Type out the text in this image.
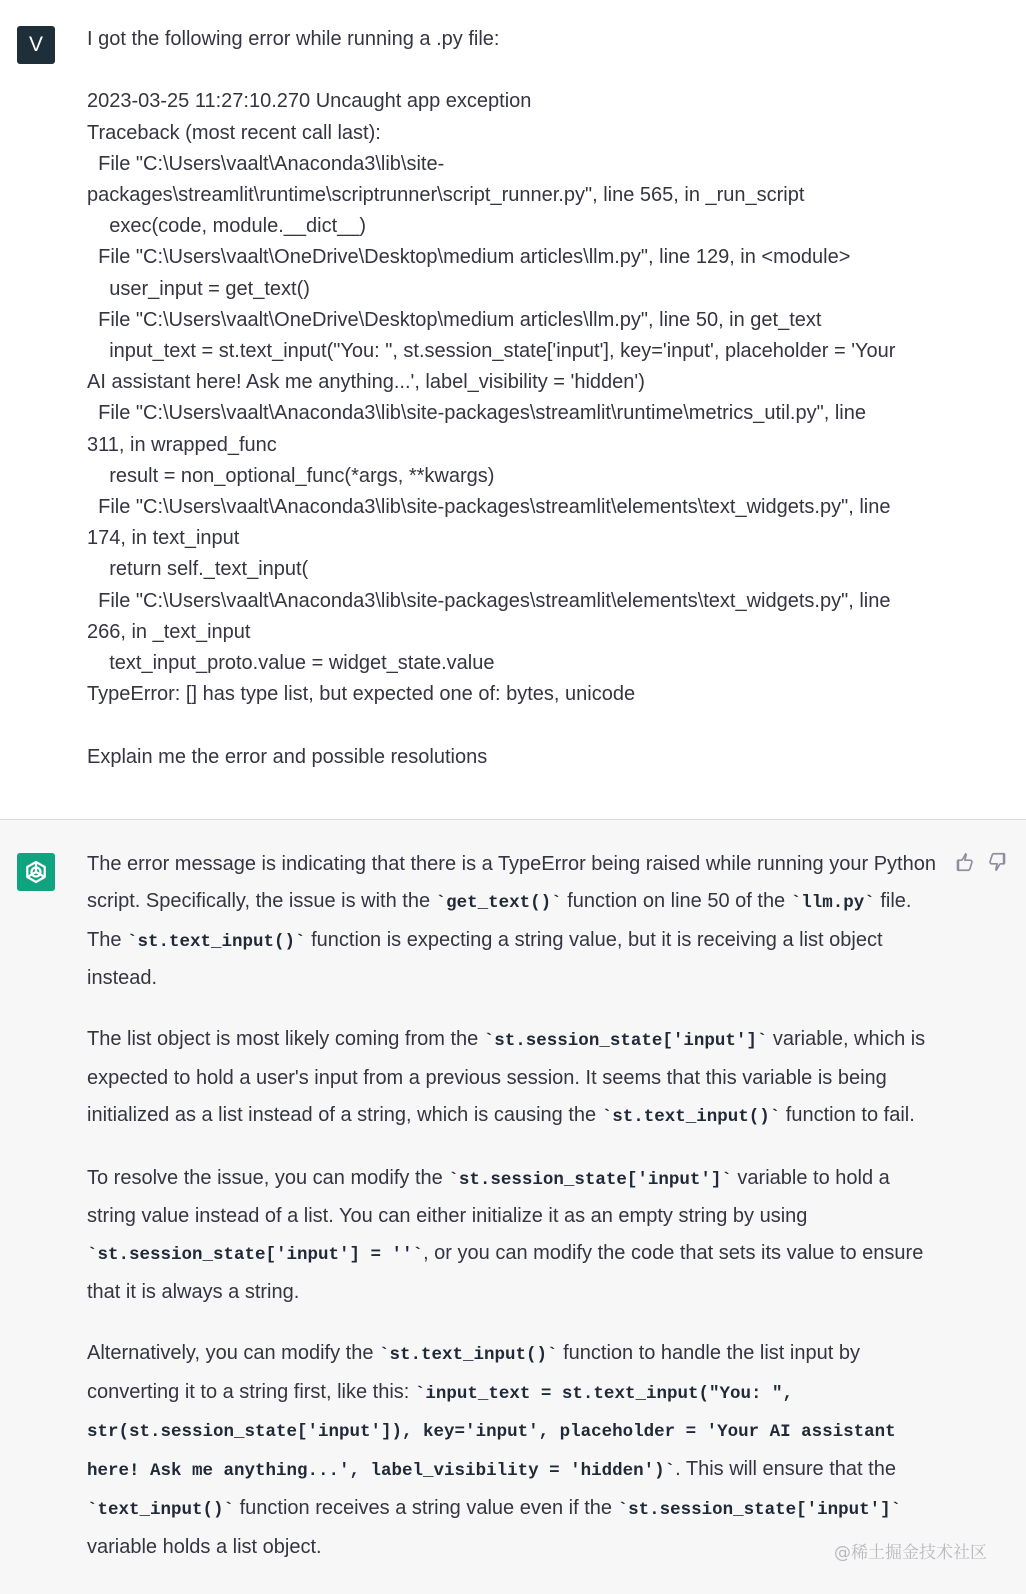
V	I got the following error while running a .py file:
2023-03-25 11:27:10.270 Uncaught app exception
Traceback (most recent call last):
File "C:\Users\vaalt\Anaconda3\lib\site-
packages\streamlit\runtime\scriptrunner\script_runner.py", line 565, in _run_script
exec(code, module.__dict__)
File "C:\Users\vaalt\OneDrive\Desktop\medium articles\llm.py", line 129, in <module>
user_input = get_text()
File "C:\Users\vaalt\OneDrive\Desktop\medium articles\llm.py", line 50, in get_text
input_text = st.text_input("You: ", st.session_state['input'], key='input', placeholder = 'Your
AI assistant here! Ask me anything...', label_visibility = 'hidden')
File "C:\Users\vaalt\Anaconda3\lib\site-packages\streamlit\runtime\metrics_util.py", line
311, in wrapped_func
result = non_optional_func(*args, **kwargs)
File "C:\Users\vaalt\Anaconda3\lib\site-packages\streamlit\elements\text_widgets.py", line
174, in text_input
return self._text_input(
File "C:\Users\vaalt\Anaconda3\lib\site-packages\streamlit\elements\text_widgets.py", line
266, in _text_input
text_input_proto.value = widget_state.value
TypeError: [] has type list, but expected one of: bytes, unicode
Explain me the error and possible resolutions

The error message is indicating that there is a TypeError being raised while running your Python script. Specifically, the issue is with the `get_text()` function on line 50 of the `llm.py` file. The `st.text_input()` function is expecting a string value, but it is receiving a list object instead.

The list object is most likely coming from the `st.session_state['input']` variable, which is expected to hold a user's input from a previous session. It seems that this variable is being initialized as a list instead of a string, which is causing the `st.text_input()` function to fail.

To resolve the issue, you can modify the `st.session_state['input']` variable to hold a string value instead of a list. You can either initialize it as an empty string by using `st.session_state['input'] = ''`, or you can modify the code that sets its value to ensure that it is always a string.

Alternatively, you can modify the `st.text_input()` function to handle the list input by converting it to a string first, like this: `input_text = st.text_input("You: ", str(st.session_state['input']), key='input', placeholder = 'Your AI assistant here! Ask me anything...', label_visibility = 'hidden')`. This will ensure that the `text_input()` function receives a string value even if the `st.session_state['input']` variable holds a list object.	@稀土掘金技术社区
